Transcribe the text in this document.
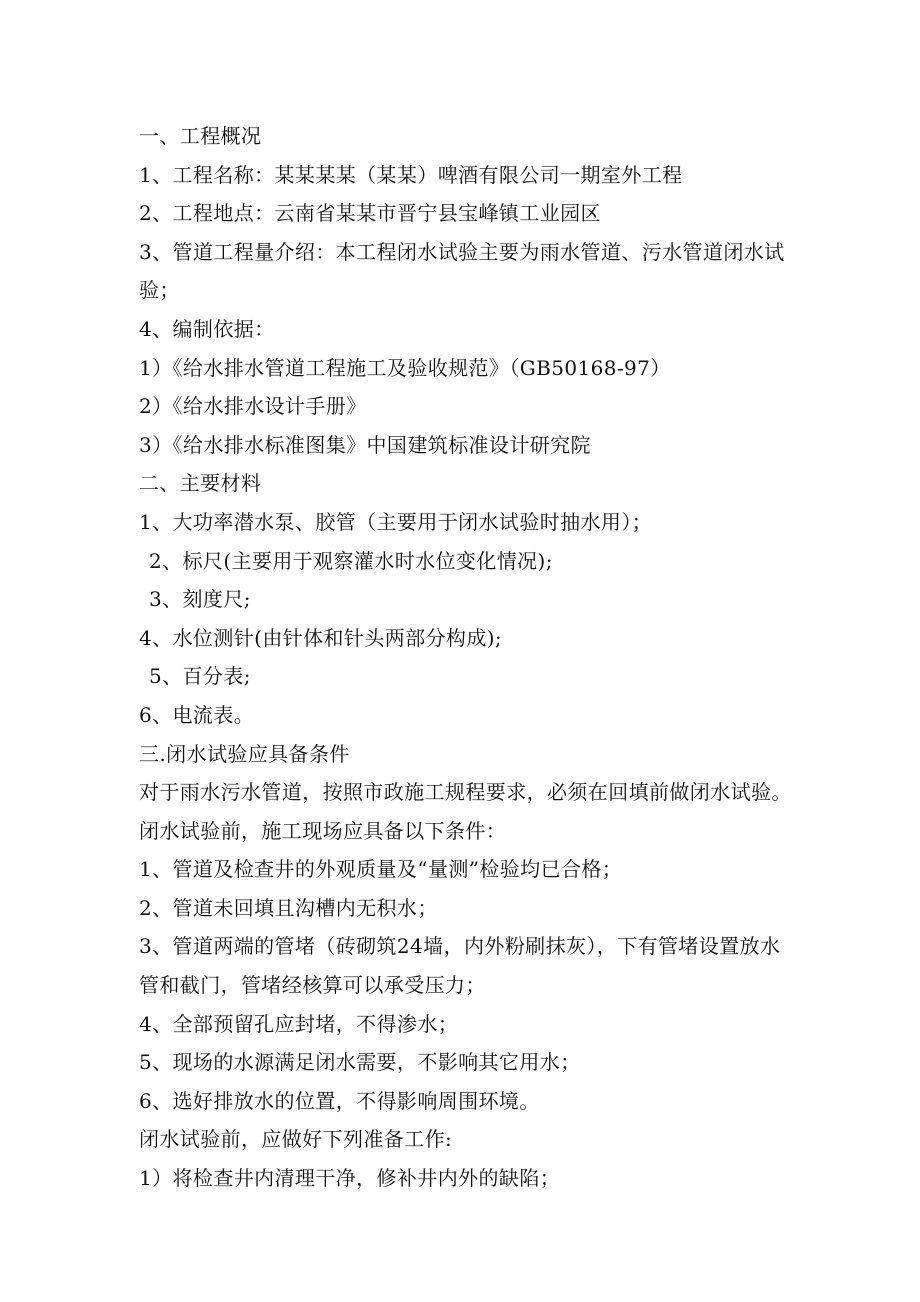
一、工程概况

1、工程名称：某某某某（某某）啤酒有限公司一期室外工程

2、工程地点：云南省某某市晋宁县宝峰镇工业园区

3、管道工程量介绍：本工程闭水试验主要为雨水管道、污水管道闭水试验；

4、编制依据：

1）《给水排水管道工程施工及验收规范》（GB50168-97）

2）《给水排水设计手册》

3）《给水排水标准图集》中国建筑标准设计研究院

二、主要材料

1、大功率潜水泵、胶管（主要用于闭水试验时抽水用）；

2、标尺(主要用于观察灌水时水位变化情况);

3、刻度尺;

4、水位测针(由针体和针头两部分构成);

5、百分表;

6、电流表。

三.闭水试验应具备条件

对于雨水污水管道，按照市政施工规程要求，必须在回填前做闭水试验。闭水试验前，施工现场应具备以下条件：

1、管道及检查井的外观质量及“量测”检验均已合格；

2、管道未回填且沟槽内无积水；

3、管道两端的管堵（砖砌筑24墙，内外粉刷抹灰），下有管堵设置放水管和截门，管堵经核算可以承受压力；

4、全部预留孔应封堵，不得渗水；

5、现场的水源满足闭水需要，不影响其它用水；

6、选好排放水的位置，不得影响周围环境。

闭水试验前，应做好下列准备工作:

1）将检查井内清理干净，修补井内外的缺陷；
